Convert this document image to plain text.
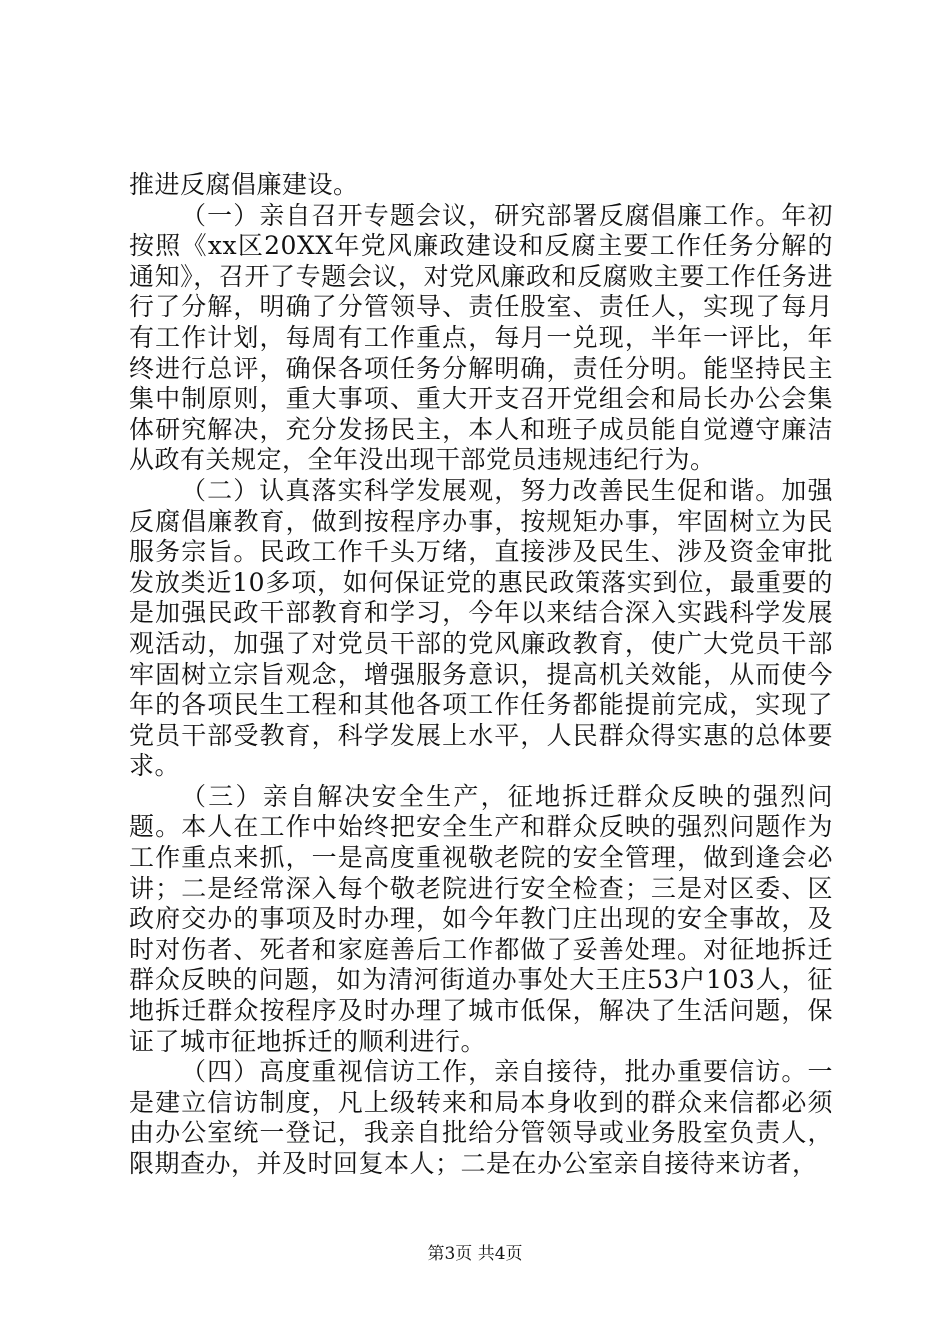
推进反腐倡廉建设。

（一）亲自召开专题会议，研究部署反腐倡廉工作。年初按照《xx区20XX年党风廉政建设和反腐主要工作任务分解的通知》，召开了专题会议，对党风廉政和反腐败主要工作任务进行了分解，明确了分管领导、责任股室、责任人，实现了每月有工作计划，每周有工作重点，每月一兑现，半年一评比，年终进行总评，确保各项任务分解明确，责任分明。能坚持民主集中制原则，重大事项、重大开支召开党组会和局长办公会集体研究解决，充分发扬民主，本人和班子成员能自觉遵守廉洁从政有关规定，全年没出现干部党员违规违纪行为。

（二）认真落实科学发展观，努力改善民生促和谐。加强反腐倡廉教育，做到按程序办事，按规矩办事，牢固树立为民服务宗旨。民政工作千头万绪，直接涉及民生、涉及资金审批发放类近10多项，如何保证党的惠民政策落实到位，最重要的是加强民政干部教育和学习，今年以来结合深入实践科学发展观活动，加强了对党员干部的党风廉政教育，使广大党员干部牢固树立宗旨观念，增强服务意识，提高机关效能，从而使今年的各项民生工程和其他各项工作任务都能提前完成，实现了党员干部受教育，科学发展上水平，人民群众得实惠的总体要求。

（三）亲自解决安全生产，征地拆迁群众反映的强烈问题。本人在工作中始终把安全生产和群众反映的强烈问题作为工作重点来抓，一是高度重视敬老院的安全管理，做到逢会必讲；二是经常深入每个敬老院进行安全检查；三是对区委、区政府交办的事项及时办理，如今年教门庄出现的安全事故，及时对伤者、死者和家庭善后工作都做了妥善处理。对征地拆迁群众反映的问题，如为清河街道办事处大王庄53户103人，征地拆迁群众按程序及时办理了城市低保，解决了生活问题，保证了城市征地拆迁的顺利进行。

（四）高度重视信访工作，亲自接待，批办重要信访。一是建立信访制度，凡上级转来和局本身收到的群众来信都必须由办公室统一登记，我亲自批给分管领导或业务股室负责人，限期查办，并及时回复本人；二是在办公室亲自接待来访者，

第3页 共4页
